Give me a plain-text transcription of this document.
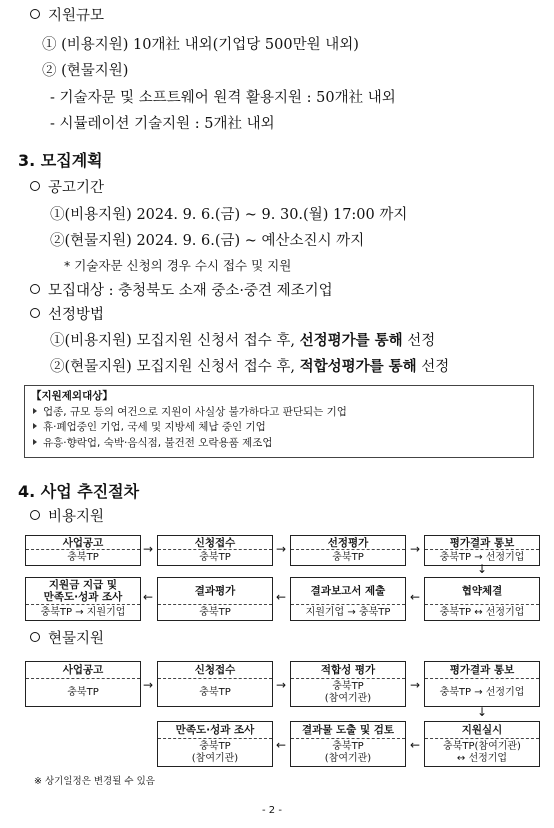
지원규모
① (비용지원) 10개社 내외(기업당 500만원 내외)
② (현물지원)
- 기술자문 및 소프트웨어 원격 활용지원 : 50개社 내외
- 시뮬레이션 기술지원 : 5개社 내외
3. 모집계획
공고기간
①(비용지원) 2024. 9. 6.(금) ~ 9. 30.(월) 17:00 까지
②(현물지원) 2024. 9. 6.(금) ~ 예산소진시 까지
* 기술자문 신청의 경우 수시 접수 및 지원
모집대상 : 충청북도 소재 중소·중견 제조기업
선정방법
①(비용지원) 모집지원 신청서 접수 후, 선정평가를 통해 선정
②(현물지원) 모집지원 신청서 접수 후, 적합성평가를 통해 선정
【지원제외대상】
업종, 규모 등의 여건으로 지원이 사실상 불가하다고 판단되는 기업
휴·폐업중인 기업, 국세 및 지방세 체납 중인 기업
유흥·향락업, 숙박·음식점, 불건전 오락용품 제조업
4. 사업 추진절차
비용지원
사업공고
충북TP
→	신청접수
충북TP
→	선정평가
충북TP
→	평가결과 통보
충북TP → 선정기업
↓
지원금 지급 및
만족도·성과 조사
충북TP → 지원기업
←	결과평가
충북TP
←	결과보고서 제출
지원기업 → 충북TP
←	협약체결
충북TP ↔ 선정기업
현물지원
사업공고
충북TP
→
신청접수
충북TP
→
적합성 평가
충북TP
(참여기관)
→
평가결과 통보
충북TP → 선정기업
↓
만족도·성과 조사
충북TP
(참여기관)
←
결과물 도출 및 검토
충북TP
(참여기관)
←
지원실시
충북TP(참여기관)
↔ 선정기업
※ 상기일정은 변경될 수 있음
- 2 -
